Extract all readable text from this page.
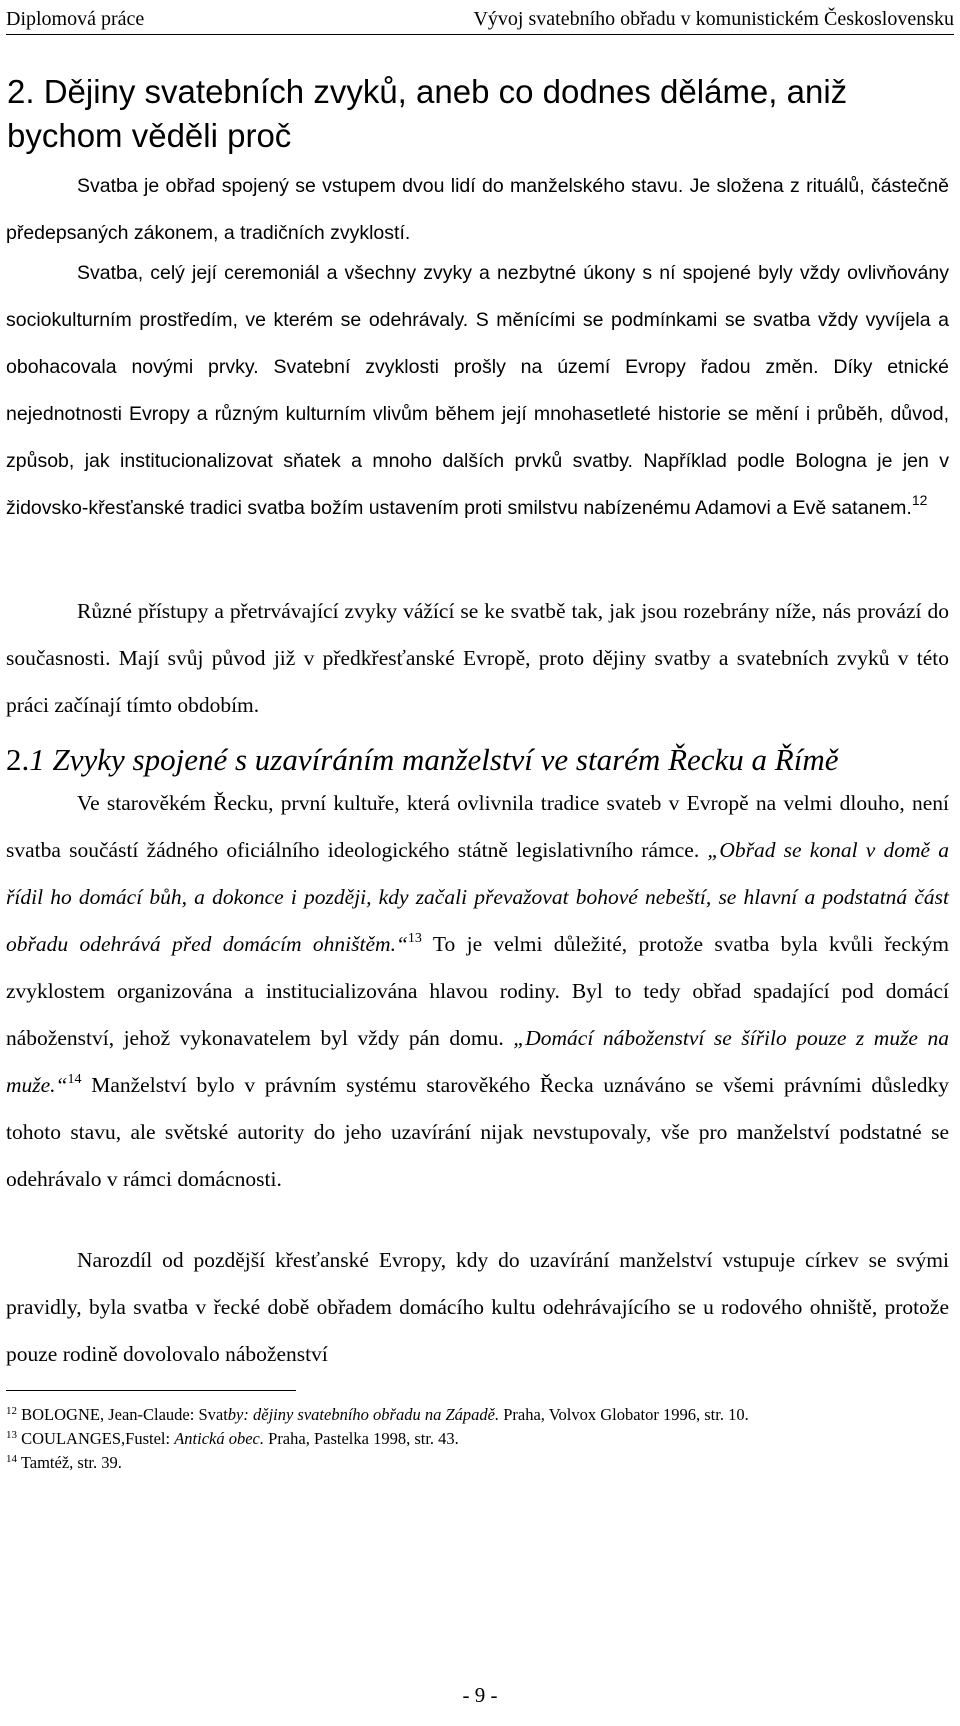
Diplomová práce	Vývoj svatebního obřadu v komunistickém Československu
2. Dějiny svatebních zvyků, aneb co dodnes děláme, aniž bychom věděli proč

Svatba je obřad spojený se vstupem dvou lidí do manželského stavu. Je složena z rituálů, částečně předepsaných zákonem, a tradičních zvyklostí.

Svatba, celý její ceremoniál a všechny zvyky a nezbytné úkony s ní spojené byly vždy ovlivňovány sociokulturním prostředím, ve kterém se odehrávaly. S měnícími se podmínkami se svatba vždy vyvíjela a obohacovala novými prvky. Svatební zvyklosti prošly na území Evropy řadou změn. Díky etnické nejednotnosti Evropy a různým kulturním vlivům během její mnohasetleté historie se mění i průběh, důvod, způsob, jak institucionalizovat sňatek a mnoho dalších prvků svatby. Například podle Bologna je jen v židovsko-křesťanské tradici svatba božím ustavením proti smilstvu nabízenému Adamovi a Evě satanem.$^{12}$

Různé přístupy a přetrvávající zvyky vážící se ke svatbě tak, jak jsou rozebrány níže, nás provází do současnosti. Mají svůj původ již v předkřesťanské Evropě, proto dějiny svatby a svatebních zvyků v této práci začínají tímto obdobím.

2.1 Zvyky spojené s uzavíráním manželství ve starém Řecku a Římě

Ve starověkém Řecku, první kultuře, která ovlivnila tradice svateb v Evropě na velmi dlouho, není svatba součástí žádného oficiálního ideologického státně legislativního rámce. „Obřad se konal v domě a řídil ho domácí bůh, a dokonce i později, kdy začali převažovat bohové nebeští, se hlavní a podstatná část obřadu odehrává před domácím ohništěm.“$^{13}$ To je velmi důležité, protože svatba byla kvůli řeckým zvyklostem organizována a institucializována hlavou rodiny. Byl to tedy obřad spadající pod domácí náboženství, jehož vykonavatelem byl vždy pán domu. „Domácí náboženství se šířilo pouze z muže na muže.“$^{14}$ Manželství bylo v právním systému starověkého Řecka uznáváno se všemi právními důsledky tohoto stavu, ale světské autority do jeho uzavírání nijak nevstupovaly, vše pro manželství podstatné se odehrávalo v rámci domácnosti.

Narozdíl od pozdější křesťanské Evropy, kdy do uzavírání manželství vstupuje církev se svými pravidly, byla svatba v řecké době obřadem domácího kultu odehrávajícího se u rodového ohniště, protože pouze rodině dovolovalo náboženství

$^{12}$ BOLOGNE, Jean-Claude: Svatby: dějiny svatebního obřadu na Západě. Praha, Volvox Globator 1996, str. 10.

$^{13}$ COULANGES,Fustel: Antická obec. Praha, Pastelka 1998, str. 43.

$^{14}$ Tamtéž, str. 39.

- 9 -
